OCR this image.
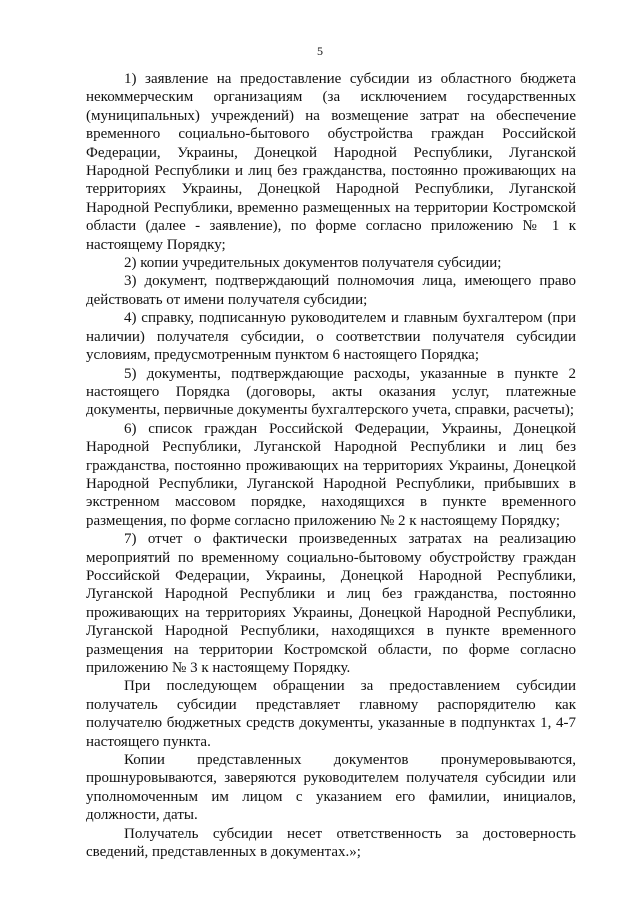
5

1) заявление на предоставление субсидии из областного бюджета некоммерческим организациям (за исключением государственных (муниципальных) учреждений) на возмещение затрат на обеспечение временного социально-бытового обустройства граждан Российской Федерации, Украины, Донецкой Народной Республики, Луганской Народной Республики и лиц без гражданства, постоянно проживающих на территориях Украины, Донецкой Народной Республики, Луганской Народной Республики, временно размещенных на территории Костромской области (далее - заявление), по форме согласно приложению № 1 к настоящему Порядку;

2) копии учредительных документов получателя субсидии;

3) документ, подтверждающий полномочия лица, имеющего право действовать от имени получателя субсидии;

4) справку, подписанную руководителем и главным бухгалтером (при наличии) получателя субсидии, о соответствии получателя субсидии условиям, предусмотренным пунктом 6 настоящего Порядка;

5) документы, подтверждающие расходы, указанные в пункте 2 настоящего Порядка (договоры, акты оказания услуг, платежные документы, первичные документы бухгалтерского учета, справки, расчеты);

6) список граждан Российской Федерации, Украины, Донецкой Народной Республики, Луганской Народной Республики и лиц без гражданства, постоянно проживающих на территориях Украины, Донецкой Народной Республики, Луганской Народной Республики, прибывших в экстренном массовом порядке, находящихся в пункте временного размещения, по форме согласно приложению № 2 к настоящему Порядку;

7) отчет о фактически произведенных затратах на реализацию мероприятий по временному социально-бытовому обустройству граждан Российской Федерации, Украины, Донецкой Народной Республики, Луганской Народной Республики и лиц без гражданства, постоянно проживающих на территориях Украины, Донецкой Народной Республики, Луганской Народной Республики, находящихся в пункте временного размещения на территории Костромской области, по форме согласно приложению № 3 к настоящему Порядку.

При последующем обращении за предоставлением субсидии получатель субсидии представляет главному распорядителю как получателю бюджетных средств документы, указанные в подпунктах 1, 4-7 настоящего пункта.

Копии представленных документов пронумеровываются, прошнуровываются, заверяются руководителем получателя субсидии или уполномоченным им лицом с указанием его фамилии, инициалов, должности, даты.

Получатель субсидии несет ответственность за достоверность сведений, представленных в документах.»;
